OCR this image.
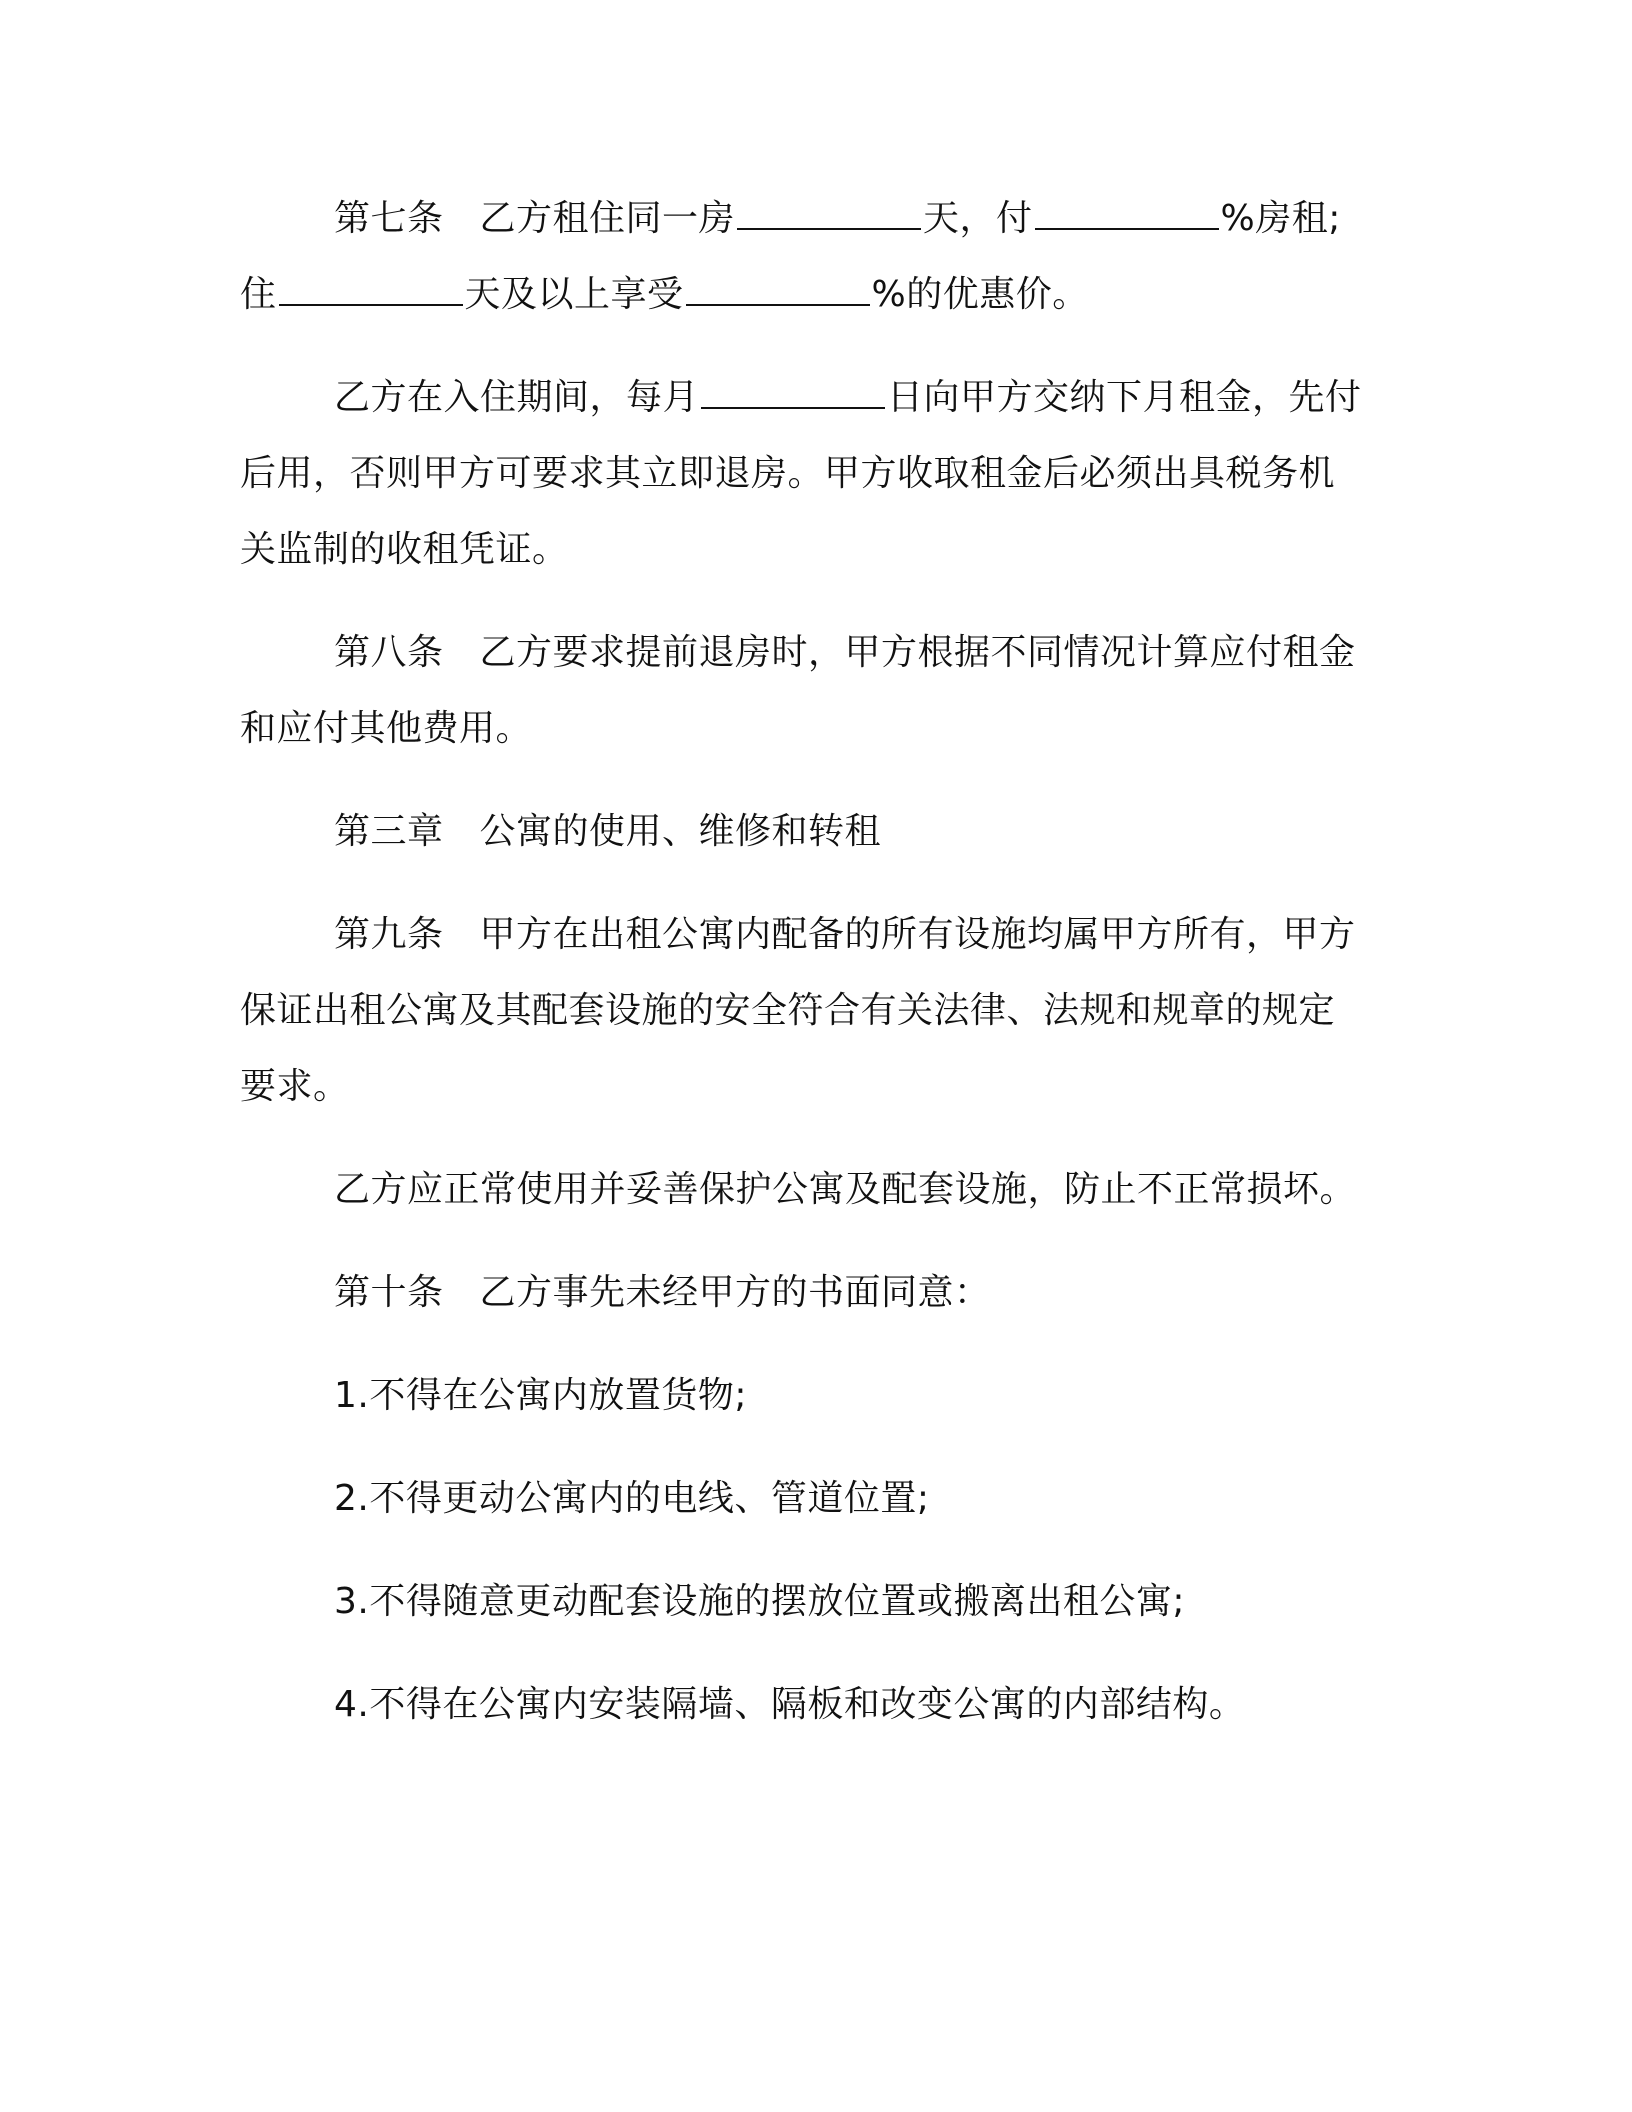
第七条 乙方租住同一房	天，付	%房租;
住	天及以上享受	%的优惠价。
乙方在入住期间，每月	日向甲方交纳下月租金，先付
后用，否则甲方可要求其立即退房。甲方收取租金后必须出具税务机
关监制的收租凭证。
第八条 乙方要求提前退房时，甲方根据不同情况计算应付租金
和应付其他费用。
第三章 公寓的使用、维修和转租
第九条 甲方在出租公寓内配备的所有设施均属甲方所有，甲方
保证出租公寓及其配套设施的安全符合有关法律、法规和规章的规定
要求。
乙方应正常使用并妥善保护公寓及配套设施，防止不正常损坏。
第十条 乙方事先未经甲方的书面同意：
1.不得在公寓内放置货物;
2.不得更动公寓内的电线、管道位置;
3.不得随意更动配套设施的摆放位置或搬离出租公寓;
4.不得在公寓内安装隔墙、隔板和改变公寓的内部结构。
